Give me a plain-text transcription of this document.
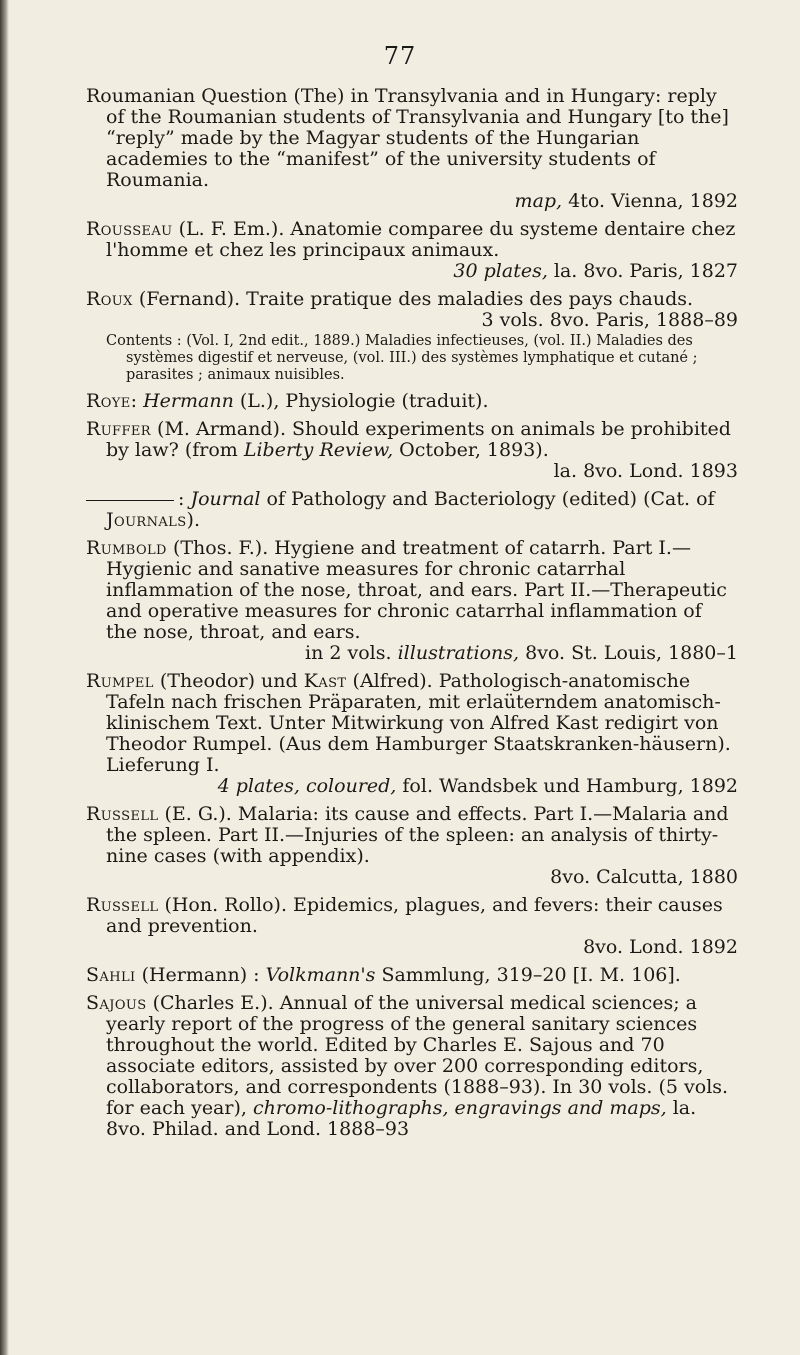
77

Roumanian Question (The) in Transylvania and in Hungary: reply of the Roumanian students of Transylvania and Hungary [to the] “reply” made by the Magyar students of the Hungarian academies to the “manifest” of the university students of Roumania.

map, 4to. Vienna, 1892

Rousseau (L. F. Em.). Anatomie comparee du systeme dentaire chez l'homme et chez les principaux animaux.

30 plates, la. 8vo. Paris, 1827

Roux (Fernand). Traite pratique des maladies des pays chauds.

3 vols. 8vo. Paris, 1888–89
Contents : (Vol. I, 2nd edit., 1889.) Maladies infectieuses, (vol. II.) Maladies des systèmes digestif et nerveuse, (vol. III.) des systèmes lymphatique et cutané ; parasites ; animaux nuisibles.

Roye: Hermann (L.), Physiologie (traduit).

Ruffer (M. Armand). Should experiments on animals be prohibited by law? (from Liberty Review, October, 1893).

la. 8vo. Lond. 1893

: Journal of Pathology and Bacteriology (edited) (Cat. of Journals).

Rumbold (Thos. F.). Hygiene and treatment of catarrh. Part I.— Hygienic and sanative measures for chronic catarrhal inflammation of the nose, throat, and ears. Part II.—Therapeutic and operative measures for chronic catarrhal inflammation of the nose, throat, and ears.

in 2 vols. illustrations, 8vo. St. Louis, 1880–1

Rumpel (Theodor) und Kast (Alfred). Pathologisch-anatomische Tafeln nach frischen Präparaten, mit erlaüterndem anatomisch-klinischem Text. Unter Mitwirkung von Alfred Kast redigirt von Theodor Rumpel. (Aus dem Hamburger Staatskranken-häusern). Lieferung I.

4 plates, coloured, fol. Wandsbek und Hamburg, 1892

Russell (E. G.). Malaria: its cause and effects. Part I.—Malaria and the spleen. Part II.—Injuries of the spleen: an analysis of thirty-nine cases (with appendix).

8vo. Calcutta, 1880

Russell (Hon. Rollo). Epidemics, plagues, and fevers: their causes and prevention.

8vo. Lond. 1892

Sahli (Hermann) : Volkmann's Sammlung, 319–20 [I. M. 106].

Sajous (Charles E.). Annual of the universal medical sciences; a yearly report of the progress of the general sanitary sciences throughout the world. Edited by Charles E. Sajous and 70 associate editors, assisted by over 200 corresponding editors, collaborators, and correspondents (1888–93). In 30 vols. (5 vols. for each year), chromo-lithographs, engravings and maps, la. 8vo. Philad. and Lond. 1888–93
